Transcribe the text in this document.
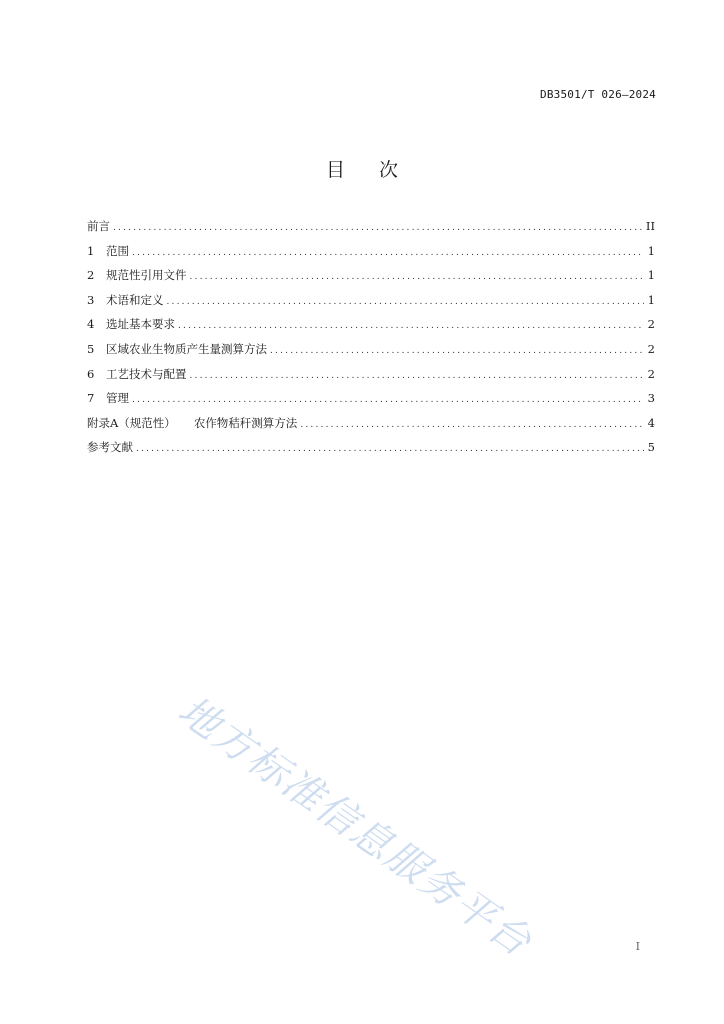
DB3501/T 026—2024
目 次
前言 .....	II
1	范围 .....	1
2	规范性引用文件 .....	1
3	术语和定义 .....	1
4	选址基本要求 .....	2
5	区域农业生物质产生量测算方法 .....	2
6	工艺技术与配置 .....	2
7	管理 .....	3
附录A（规范性） 农作物秸秆测算方法 .....	4
参考文献 .....	5
地方标准信息服务平台	I
